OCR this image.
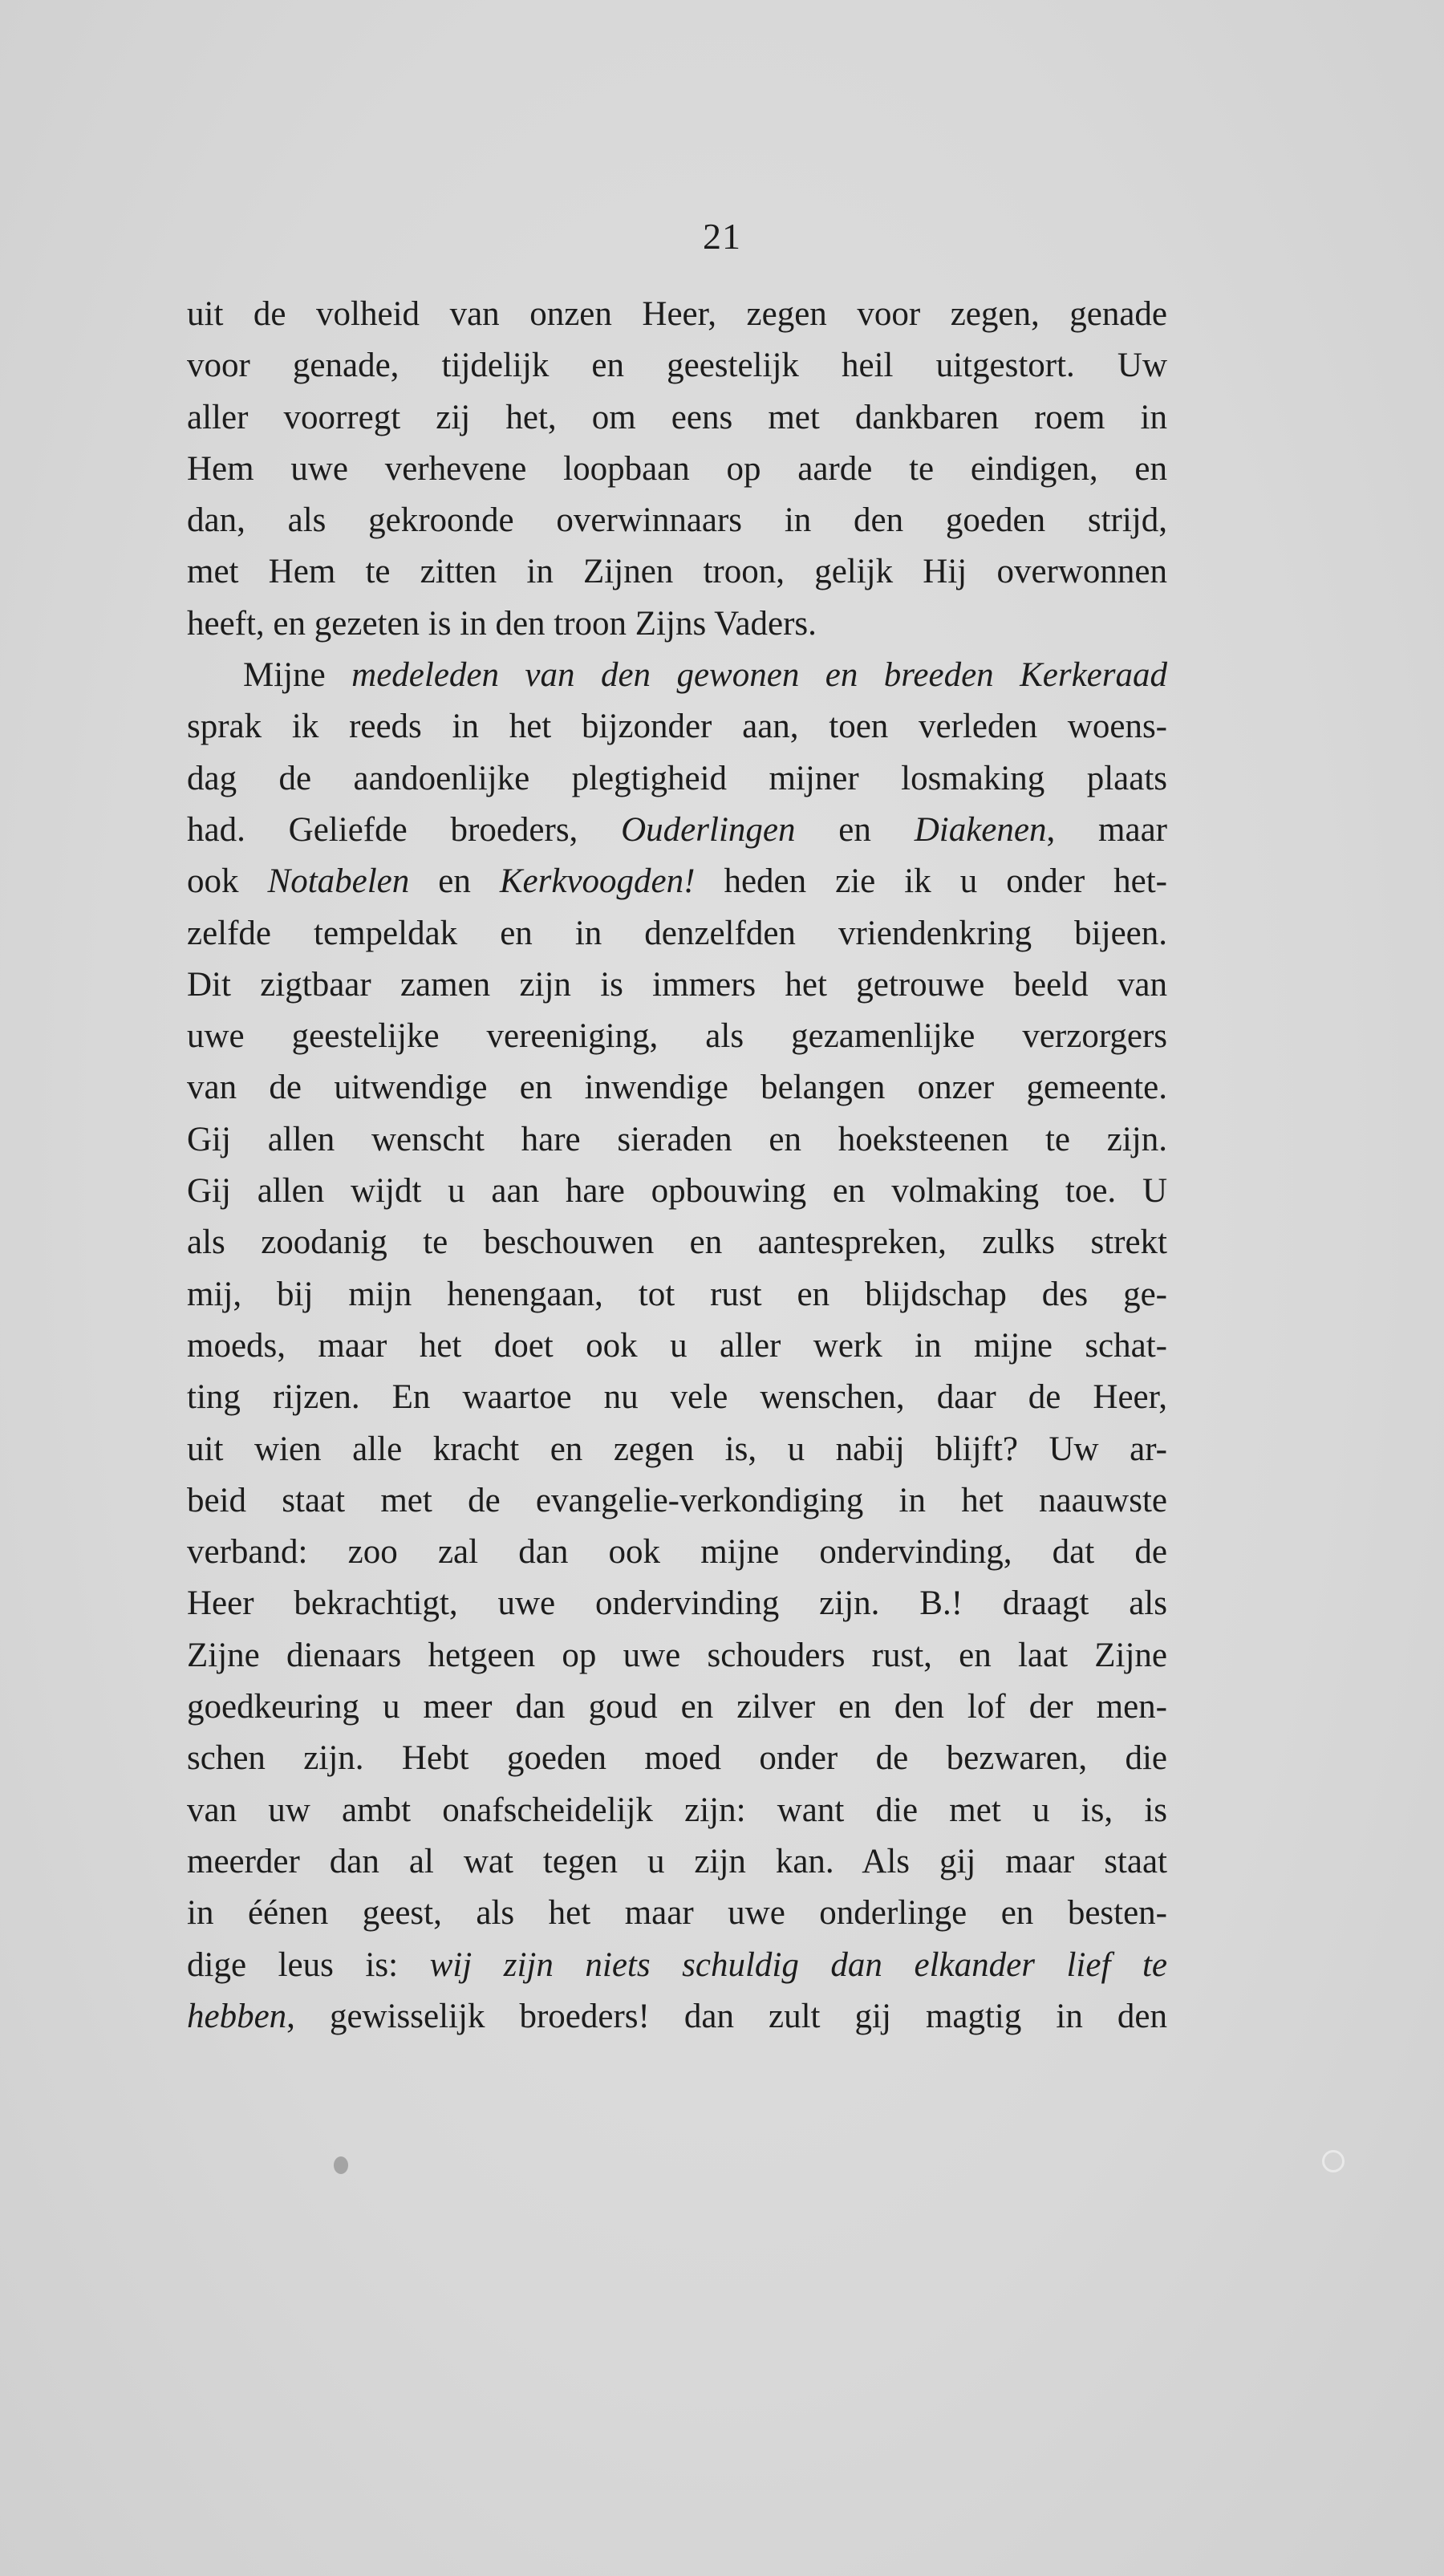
21
uit de volheid van onzen Heer, zegen voor zegen, genade
voor genade, tijdelijk en geestelijk heil uitgestort. Uw
aller voorregt zij het, om eens met dankbaren roem in
Hem uwe verhevene loopbaan op aarde te eindigen, en
dan, als gekroonde overwinnaars in den goeden strijd,
met Hem te zitten in Zijnen troon, gelijk Hij overwonnen
heeft, en gezeten is in den troon Zijns Vaders.
Mijne medeleden van den gewonen en breeden Kerkeraad
sprak ik reeds in het bijzonder aan, toen verleden woens-
dag de aandoenlijke plegtigheid mijner losmaking plaats
had. Geliefde broeders, Ouderlingen en Diakenen, maar
ook Notabelen en Kerkvoogden! heden zie ik u onder het-
zelfde tempeldak en in denzelfden vriendenkring bijeen.
Dit zigtbaar zamen zijn is immers het getrouwe beeld van
uwe geestelijke vereeniging, als gezamenlijke verzorgers
van de uitwendige en inwendige belangen onzer gemeente.
Gij allen wenscht hare sieraden en hoeksteenen te zijn.
Gij allen wijdt u aan hare opbouwing en volmaking toe. U
als zoodanig te beschouwen en aantespreken, zulks strekt
mij, bij mijn henengaan, tot rust en blijdschap des ge-
moeds, maar het doet ook u aller werk in mijne schat-
ting rijzen. En waartoe nu vele wenschen, daar de Heer,
uit wien alle kracht en zegen is, u nabij blijft? Uw ar-
beid staat met de evangelie-verkondiging in het naauwste
verband: zoo zal dan ook mijne ondervinding, dat de
Heer bekrachtigt, uwe ondervinding zijn. B.! draagt als
Zijne dienaars hetgeen op uwe schouders rust, en laat Zijne
goedkeuring u meer dan goud en zilver en den lof der men-
schen zijn. Hebt goeden moed onder de bezwaren, die
van uw ambt onafscheidelijk zijn: want die met u is, is
meerder dan al wat tegen u zijn kan. Als gij maar staat
in éénen geest, als het maar uwe onderlinge en besten-
dige leus is: wij zijn niets schuldig dan elkander lief te
hebben, gewisselijk broeders! dan zult gij magtig in den
